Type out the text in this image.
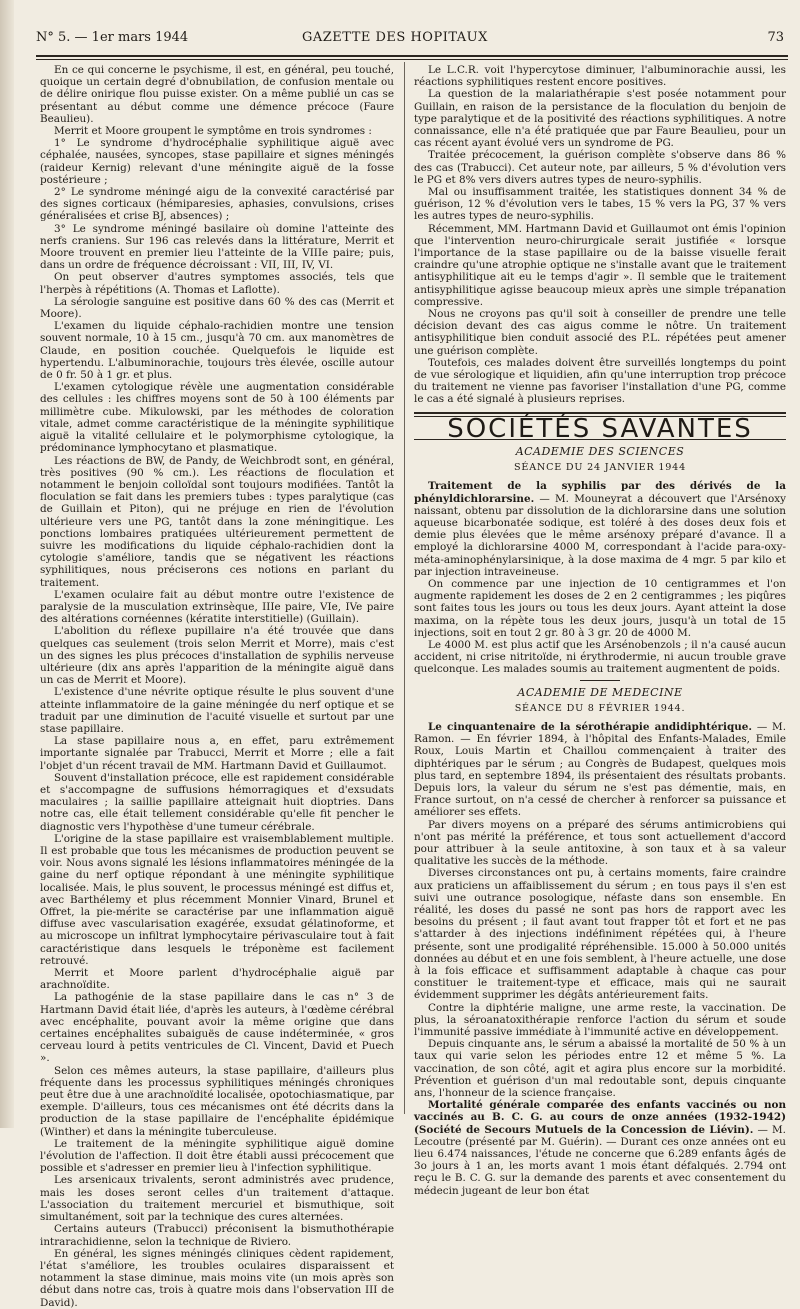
N° 5. — 1er mars 1944	GAZETTE DES HOPITAUX	73

En ce qui concerne le psychisme, il est, en général, peu touché, quoique un certain degré d'obnubilation, de confusion mentale ou de délire onirique flou puisse exister. On a même publié un cas se présentant au début comme une démence précoce (Faure Beaulieu).

Merrit et Moore groupent le symptôme en trois syndromes :

1° Le syndrome d'hydrocéphalie syphilitique aiguë avec céphalée, nausées, syncopes, stase papillaire et signes méningés (raideur Kernig) relevant d'une méningite aiguë de la fosse postérieure ;

2° Le syndrome méningé aigu de la convexité caractérisé par des signes corticaux (hémiparesies, aphasies, convulsions, crises généralisées et crise BJ, absences) ;

3° Le syndrome méningé basilaire où domine l'atteinte des nerfs craniens. Sur 196 cas relevés dans la littérature, Merrit et Moore trouvent en premier lieu l'atteinte de la VIIIe paire; puis, dans un ordre de fréquence décroissant : VII, III, IV, VI.

On peut observer d'autres symptomes associés, tels que l'herpès à répétitions (A. Thomas et Laflotte).

La sérologie sanguine est positive dans 60 % des cas (Merrit et Moore).

L'examen du liquide céphalo-rachidien montre une tension souvent normale, 10 à 15 cm., jusqu'à 70 cm. aux manomètres de Claude, en position couchée. Quelquefois le liquide est hypertendu. L'albuminorachie, toujours très élevée, oscille autour de 0 fr. 50 à 1 gr. et plus.

L'examen cytologique révèle une augmentation considérable des cellules : les chiffres moyens sont de 50 à 100 éléments par millimètre cube. Mikulowski, par les méthodes de coloration vitale, admet comme caractéristique de la méningite syphilitique aiguë la vitalité cellulaire et le polymorphisme cytologique, la prédominance lymphocytano et plasmatique.

Les réactions de BW, de Pandy, de Weichbrodt sont, en général, très positives (90 % cm.). Les réactions de floculation et notamment le benjoin colloïdal sont toujours modifiées. Tantôt la floculation se fait dans les premiers tubes : types paralytique (cas de Guillain et Piton), qui ne préjuge en rien de l'évolution ultérieure vers une PG, tantôt dans la zone méningitique. Les ponctions lombaires pratiquées ultérieurement permettent de suivre les modifications du liquide céphalo-rachidien dont la cytologie s'améliore, tandis que se négativent les réactions syphilitiques, nous préciserons ces notions en parlant du traitement.

L'examen oculaire fait au début montre outre l'existence de paralysie de la musculation extrinsèque, IIIe paire, VIe, IVe paire des altérations cornéennes (kératite interstitielle) (Guillain).

L'abolition du réflexe pupillaire n'a été trouvée que dans quelques cas seulement (trois selon Merrit et Morre), mais c'est un des signes les plus précoces d'installation de syphilis nerveuse ultérieure (dix ans après l'apparition de la méningite aiguë dans un cas de Merrit et Moore).

L'existence d'une névrite optique résulte le plus souvent d'une atteinte inflammatoire de la gaine méningée du nerf optique et se traduit par une diminution de l'acuité visuelle et surtout par une stase papillaire.

La stase papillaire nous a, en effet, paru extrêmement importante signalée par Trabucci, Merrit et Morre ; elle a fait l'objet d'un récent travail de MM. Hartmann David et Guillaumot.

Souvent d'installation précoce, elle est rapidement considérable et s'accompagne de suffusions hémorragiques et d'exsudats maculaires ; la saillie papillaire atteignait huit dioptries. Dans notre cas, elle était tellement considérable qu'elle fit pencher le diagnostic vers l'hypothèse d'une tumeur cérébrale.

L'origine de la stase papillaire est vraisemblablement multiple. Il est probable que tous les mécanismes de production peuvent se voir. Nous avons signalé les lésions inflammatoires méningée de la gaine du nerf optique répondant à une méningite syphilitique localisée. Mais, le plus souvent, le processus méningé est diffus et, avec Barthélemy et plus récemment Monnier Vinard, Brunel et Offret, la pie-mérite se caractérise par une inflammation aiguë diffuse avec vascularisation exagérée, exsudat gélatinoforme, et au microscope un infiltrat lymphocytaire périvasculaire tout à fait caractéristique dans lesquels le tréponème est facilement retrouvé.

Merrit et Moore parlent d'hydrocéphalie aiguë par arachnoïdite.

La pathogénie de la stase papillaire dans le cas n° 3 de Hartmann David était liée, d'après les auteurs, à l'œdème cérébral avec encéphalite, pouvant avoir la même origine que dans certaines encéphalites subaiguës de cause indéterminée, « gros cerveau lourd à petits ventricules de Cl. Vincent, David et Puech ».

Selon ces mêmes auteurs, la stase papillaire, d'ailleurs plus fréquente dans les processus syphilitiques méningés chroniques peut être due à une arachnoïdité localisée, opotochiasmatique, par exemple. D'ailleurs, tous ces mécanismes ont été décrits dans la production de la stase papillaire de l'encéphalite épidémique (Winther) et dans la méningite tuberculeuse.

Le traitement de la méningite syphilitique aiguë domine l'évolution de l'affection. Il doit être établi aussi précocement que possible et s'adresser en premier lieu à l'infection syphilitique.

Les arsenicaux trivalents, seront administrés avec prudence, mais les doses seront celles d'un traitement d'attaque. L'association du traitement mercuriel et bismuthique, soit simultanément, soit par la technique des cures alternées.

Certains auteurs (Trabucci) préconisent la bismuthothérapie intrarachidienne, selon la technique de Riviero.

En général, les signes méningés cliniques cèdent rapidement, l'état s'améliore, les troubles oculaires disparaissent et notamment la stase diminue, mais moins vite (un mois après son début dans notre cas, trois à quatre mois dans l'observation III de David).

Le L.C.R. voit l'hypercytose diminuer, l'albuminorachie aussi, les réactions syphilitiques restent encore positives.

La question de la malariathérapie s'est posée notamment pour Guillain, en raison de la persistance de la floculation du benjoin de type paralytique et de la positivité des réactions syphilitiques. A notre connaissance, elle n'a été pratiquée que par Faure Beaulieu, pour un cas récent ayant évolué vers un syndrome de PG.

Traitée précocement, la guérison complète s'observe dans 86 % des cas (Trabucci). Cet auteur note, par ailleurs, 5 % d'évolution vers le PG et 8% vers divers autres types de neuro-syphilis.

Mal ou insuffisamment traitée, les statistiques donnent 34 % de guérison, 12 % d'évolution vers le tabes, 15 % vers la PG, 37 % vers les autres types de neuro-syphilis.

Récemment, MM. Hartmann David et Guillaumot ont émis l'opinion que l'intervention neuro-chirurgicale serait justifiée « lorsque l'importance de la stase papillaire ou de la baisse visuelle ferait craindre qu'une atrophie optique ne s'installe avant que le traitement antisyphilitique ait eu le temps d'agir ». Il semble que le traitement antisyphilitique agisse beaucoup mieux après une simple trépanation compressive.

Nous ne croyons pas qu'il soit à conseiller de prendre une telle décision devant des cas aigus comme le nôtre. Un traitement antisyphilitique bien conduit associé des P.L. répétées peut amener une guérison complète.

Toutefois, ces malades doivent être surveillés longtemps du point de vue sérologique et liquidien, afin qu'une interruption trop précoce du traitement ne vienne pas favoriser l'installation d'une PG, comme le cas a été signalé à plusieurs reprises.

SOCIÉTÉS SAVANTES
ACADEMIE DES SCIENCES
SÉANCE DU 24 JANVIER 1944

Traitement de la syphilis par des dérivés de la phényldichlorarsine. — M. Mouneyrat a découvert que l'Arsénoxy naissant, obtenu par dissolution de la dichlorarsine dans une solution aqueuse bicarbonatée sodique, est toléré à des doses deux fois et demie plus élevées que le même arsénoxy préparé d'avance. Il a employé la dichlorarsine 4000 M, correspondant à l'acide para-oxy-méta-aminophénylarsinique, à la dose maxima de 4 mgr. 5 par kilo et par injection intraveineuse.

On commence par une injection de 10 centigrammes et l'on augmente rapidement les doses de 2 en 2 centigrammes ; les piqûres sont faites tous les jours ou tous les deux jours. Ayant atteint la dose maxima, on la répète tous les deux jours, jusqu'à un total de 15 injections, soit en tout 2 gr. 80 à 3 gr. 20 de 4000 M.

Le 4000 M. est plus actif que les Arsénobenzols ; il n'a causé aucun accident, ni crise nitritoïde, ni érythrodermie, ni aucun trouble grave quelconque. Les malades soumis au traitement augmentent de poids.

ACADEMIE DE MEDECINE
SÉANCE DU 8 FÉVRIER 1944.

Le cinquantenaire de la sérothérapie andidiphtérique. — M. Ramon. — En février 1894, à l'hôpital des Enfants-Malades, Emile Roux, Louis Martin et Chaillou commençaient à traiter des diphtériques par le sérum ; au Congrès de Budapest, quelques mois plus tard, en septembre 1894, ils présentaient des résultats probants. Depuis lors, la valeur du sérum ne s'est pas démentie, mais, en France surtout, on n'a cessé de chercher à renforcer sa puissance et améliorer ses effets.

Par divers moyens on a préparé des sérums antimicrobiens qui n'ont pas mérité la préférence, et tous sont actuellement d'accord pour attribuer à la seule antitoxine, à son taux et à sa valeur qualitative les succès de la méthode.

Diverses circonstances ont pu, à certains moments, faire craindre aux praticiens un affaiblissement du sérum ; en tous pays il s'en est suivi une outrance posologique, néfaste dans son ensemble. En réalité, les doses du passé ne sont pas hors de rapport avec les besoins du présent ; il faut avant tout frapper tôt et fort et ne pas s'attarder à des injections indéfiniment répétées qui, à l'heure présente, sont une prodigalité répréhensible. 15.000 à 50.000 unités données au début et en une fois semblent, à l'heure actuelle, une dose à la fois efficace et suffisamment adaptable à chaque cas pour constituer le traitement-type et efficace, mais qui ne saurait évidemment supprimer les dégâts antérieurement faits.

Contre la diphtérie maligne, une arme reste, la vaccination. De plus, la séroanatoxithérapie renforce l'action du sérum et soude l'immunité passive immédiate à l'immunité active en développement.

Depuis cinquante ans, le sérum a abaissé la mortalité de 50 % à un taux qui varie selon les périodes entre 12 et même 5 %. La vaccination, de son côté, agit et agira plus encore sur la morbidité. Prévention et guérison d'un mal redoutable sont, depuis cinquante ans, l'honneur de la science française.

Mortalité générale comparée des enfants vaccinés ou non vaccinés au B. C. G. au cours de onze années (1932-1942) (Société de Secours Mutuels de la Concession de Liévin). — M. Lecoutre (présenté par M. Guérin). — Durant ces onze années ont eu lieu 6.474 naissances, l'étude ne concerne que 6.289 enfants âgés de 3o jours à 1 an, les morts avant 1 mois étant défalqués. 2.794 ont reçu le B. C. G. sur la demande des parents et avec consentement du médecin jugeant de leur bon état
